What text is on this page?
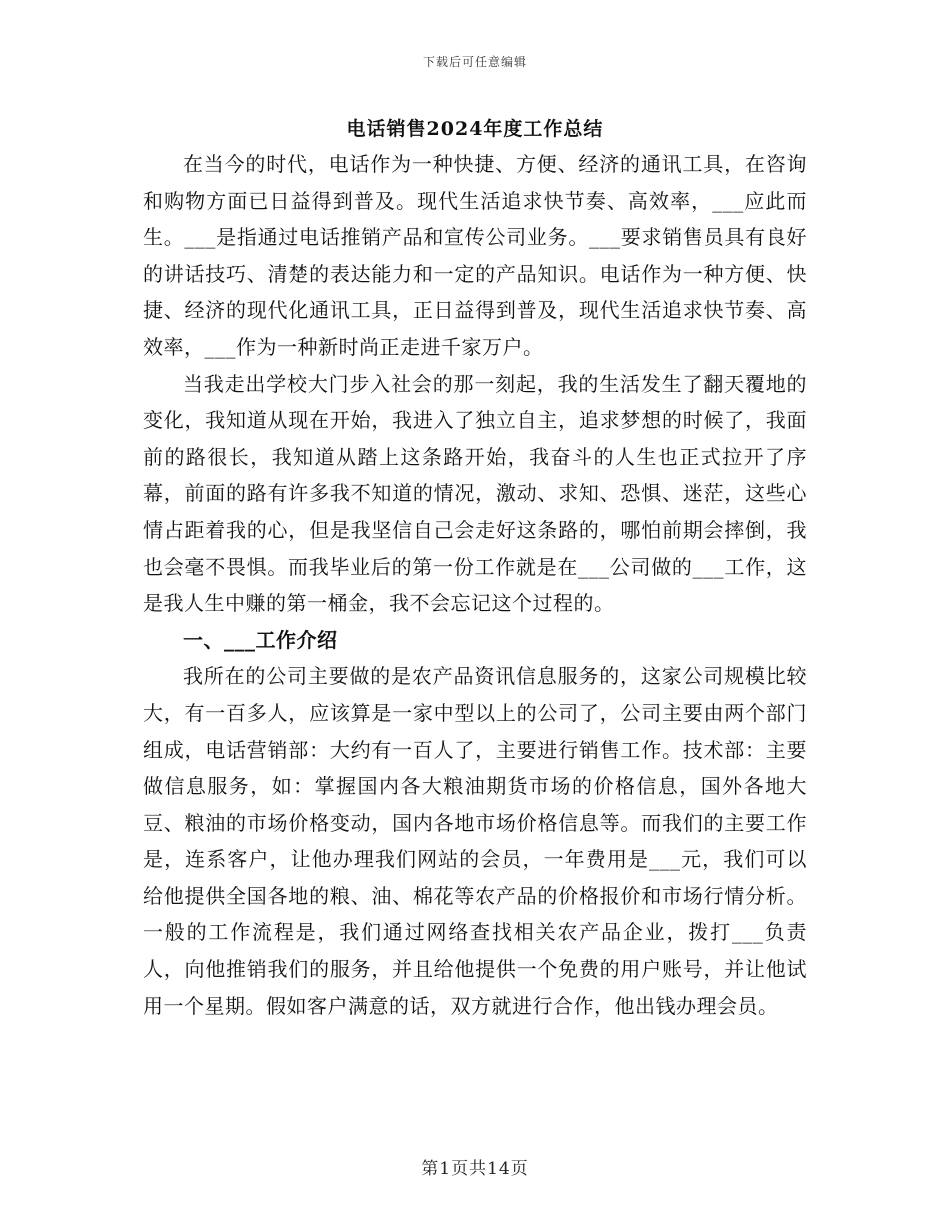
下载后可任意编辑
电话销售2024年度工作总结

在当今的时代，电话作为一种快捷、方便、经济的通讯工具，在咨询和购物方面已日益得到普及。现代生活追求快节奏、高效率，___应此而生。___是指通过电话推销产品和宣传公司业务。___要求销售员具有良好的讲话技巧、清楚的表达能力和一定的产品知识。电话作为一种方便、快捷、经济的现代化通讯工具，正日益得到普及，现代生活追求快节奏、高效率，___作为一种新时尚正走进千家万户。

当我走出学校大门步入社会的那一刻起，我的生活发生了翻天覆地的变化，我知道从现在开始，我进入了独立自主，追求梦想的时候了，我面前的路很长，我知道从踏上这条路开始，我奋斗的人生也正式拉开了序幕，前面的路有许多我不知道的情况，激动、求知、恐惧、迷茫，这些心情占距着我的心，但是我坚信自己会走好这条路的，哪怕前期会摔倒，我也会毫不畏惧。而我毕业后的第一份工作就是在___公司做的___工作，这是我人生中赚的第一桶金，我不会忘记这个过程的。

一、___工作介绍

我所在的公司主要做的是农产品资讯信息服务的，这家公司规模比较大，有一百多人，应该算是一家中型以上的公司了，公司主要由两个部门组成，电话营销部：大约有一百人了，主要进行销售工作。技术部：主要做信息服务，如：掌握国内各大粮油期货市场的价格信息，国外各地大豆、粮油的市场价格变动，国内各地市场价格信息等。而我们的主要工作是，连系客户，让他办理我们网站的会员，一年费用是___元，我们可以给他提供全国各地的粮、油、棉花等农产品的价格报价和市场行情分析。一般的工作流程是，我们通过网络查找相关农产品企业，拨打___负责人，向他推销我们的服务，并且给他提供一个免费的用户账号，并让他试用一个星期。假如客户满意的话，双方就进行合作，他出钱办理会员。

第1页共14页
